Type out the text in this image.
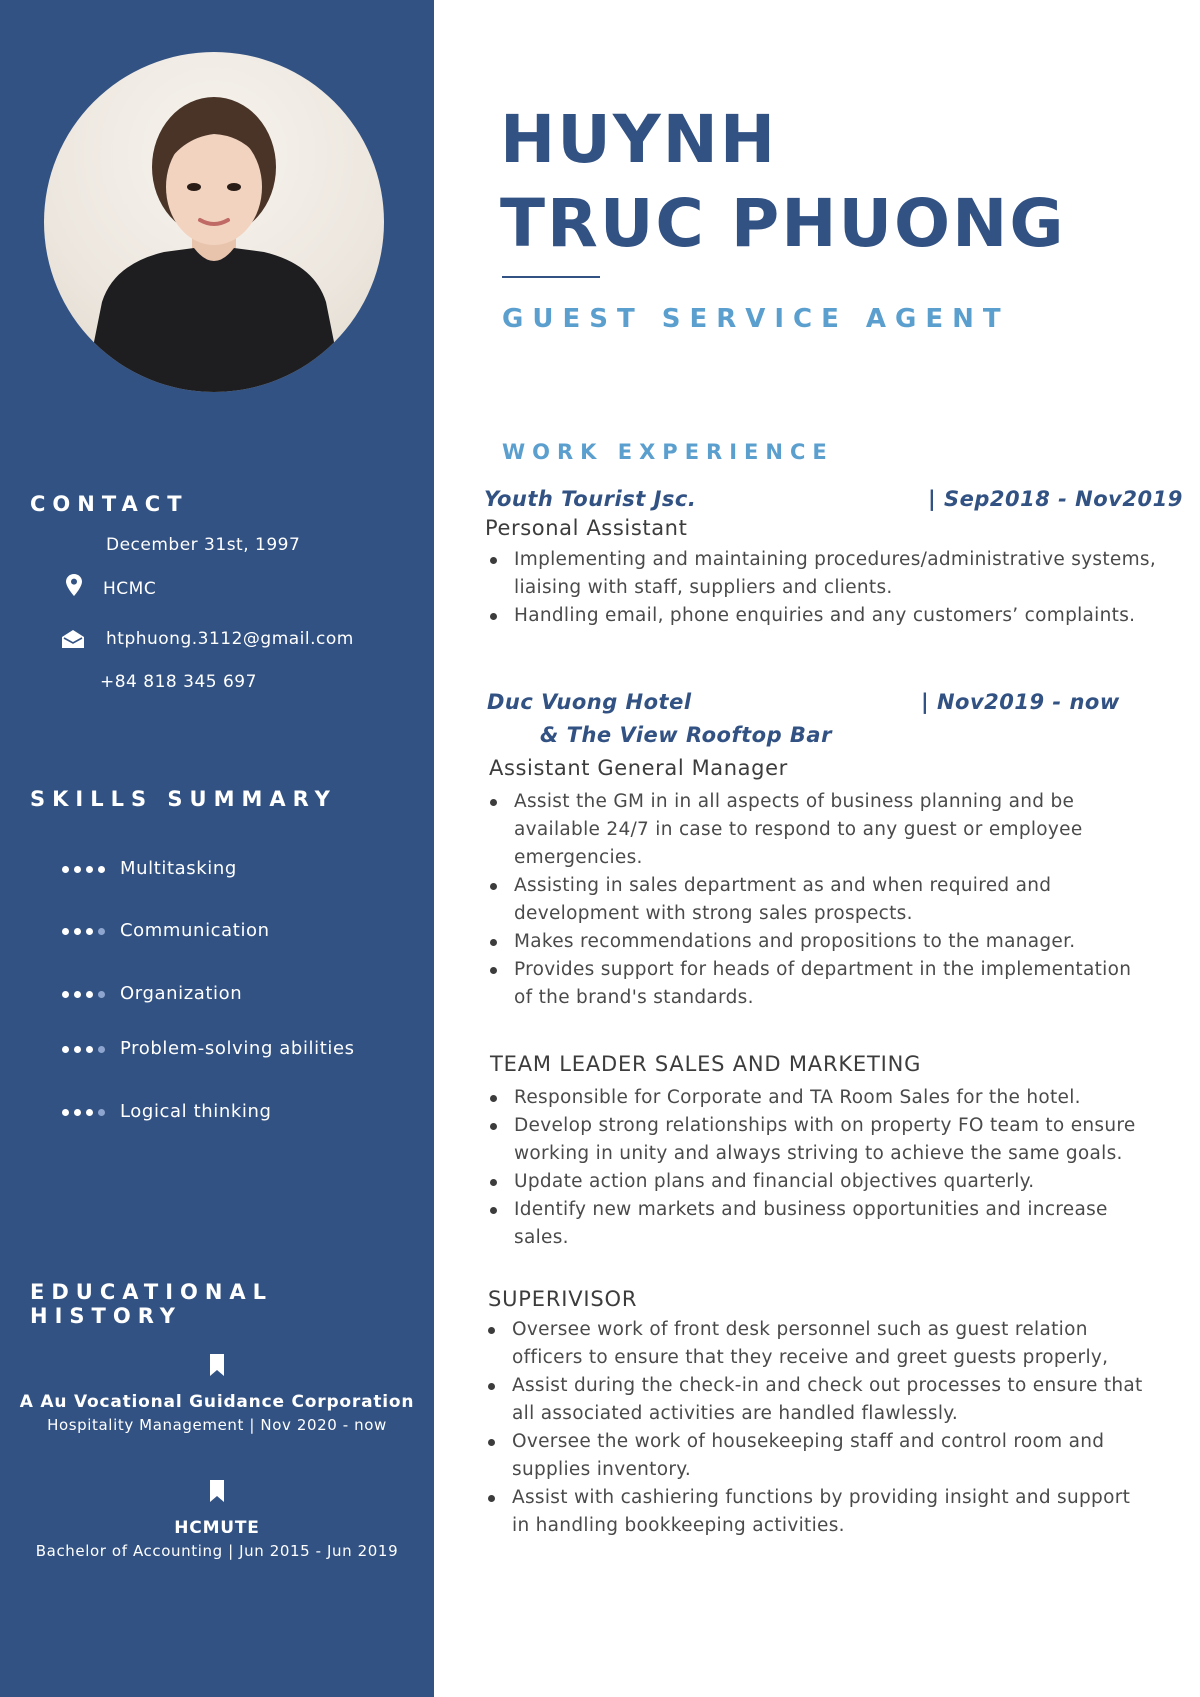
CONTACT
December 31st, 1997
HCMC
htphuong.3112@gmail.com
+84 818 345 697
SKILLS SUMMARY
Multitasking
Communication
Organization
Problem-solving abilities
Logical thinking
EDUCATIONAL HISTORY
A Au Vocational Guidance Corporation
Hospitality Management | Nov 2020 - now
HCMUTE
Bachelor of Accounting | Jun 2015 - Jun 2019
HUYNH
TRUC PHUONG
GUEST SERVICE AGENT
WORK EXPERIENCE
Youth Tourist Jsc.	| Sep2018 - Nov2019
Personal Assistant
Implementing and maintaining procedures/administrative systems, liaising with staff, suppliers and clients.
Handling email, phone enquiries and any customers’ complaints.
Duc Vuong Hotel	| Nov2019 - now
& The View Rooftop Bar
Assistant General Manager
Assist the GM in in all aspects of business planning and be available 24/7 in case to respond to any guest or employee emergencies.
Assisting in sales department as and when required and development with strong sales prospects.
Makes recommendations and propositions to the manager.
Provides support for heads of department in the implementation of the brand's standards.
TEAM LEADER SALES AND MARKETING
Responsible for Corporate and TA Room Sales for the hotel.
Develop strong relationships with on property FO team to ensure working in unity and always striving to achieve the same goals.
Update action plans and financial objectives quarterly.
Identify new markets and business opportunities and increase sales.
SUPERIVISOR
Oversee work of front desk personnel such as guest relation officers to ensure that they receive and greet guests properly,
Assist during the check-in and check out processes to ensure that all associated activities are handled flawlessly.
Oversee the work of housekeeping staff and control room and supplies inventory.
Assist with cashiering functions by providing insight and support in handling bookkeeping activities.
